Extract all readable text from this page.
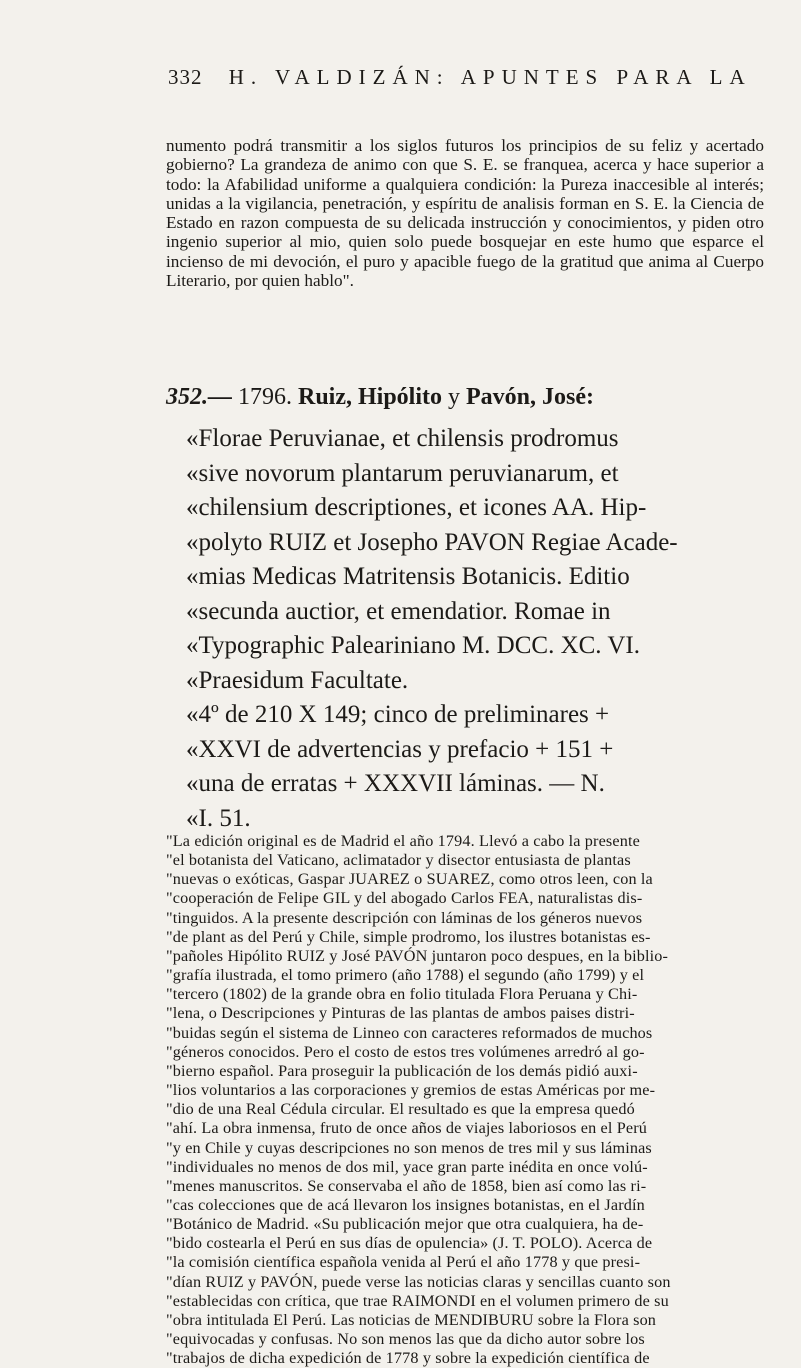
332 H. VALDIZÁN: APUNTES PARA LA

numento podrá transmitir a los siglos futuros los principios de su feliz y acertado gobierno? La grandeza de animo con que S. E. se franquea, acerca y hace superior a todo: la Afabilidad uniforme a qualquiera condición: la Pureza inaccesible al interés; unidas a la vigilancia, penetración, y espíritu de analisis forman en S. E. la Ciencia de Estado en razon compuesta de su delicada instrucción y conocimientos, y piden otro ingenio superior al mio, quien solo puede bosquejar en este humo que esparce el incienso de mi devoción, el puro y apacible fuego de la gratitud que anima al Cuerpo Literario, por quien hablo".

352.— 1796. Ruiz, Hipólito y Pavón, José:
«Florae Peruvianae, et chilensis prodromus
«sive novorum plantarum peruvianarum, et
«chilensium descriptiones, et icones AA. Hip-
«polyto RUIZ et Josepho PAVON Regiae Acade-
«mias Medicas Matritensis Botanicis. Editio
«secunda auctior, et emendatior. Romae in
«Typographic Paleariniano M. DCC. XC. VI.
«Praesidum Facultate.
«4º de 210 X 149; cinco de preliminares +
«XXVI de advertencias y prefacio + 151 +
«una de erratas + XXXVII láminas. — N.
«I. 51.
"La edición original es de Madrid el año 1794. Llevó a cabo la presente
"el botanista del Vaticano, aclimatador y disector entusiasta de plantas
"nuevas o exóticas, Gaspar JUAREZ o SUAREZ, como otros leen, con la
"cooperación de Felipe GIL y del abogado Carlos FEA, naturalistas dis-
"tinguidos. A la presente descripción con láminas de los géneros nuevos
"de plant as del Perú y Chile, simple prodromo, los ilustres botanistas es-
"pañoles Hipólito RUIZ y José PAVÓN juntaron poco despues, en la biblio-
"grafía ilustrada, el tomo primero (año 1788) el segundo (año 1799) y el
"tercero (1802) de la grande obra en folio titulada Flora Peruana y Chi-
"lena, o Descripciones y Pinturas de las plantas de ambos paises distri-
"buidas según el sistema de Linneo con caracteres reformados de muchos
"géneros conocidos. Pero el costo de estos tres volúmenes arredró al go-
"bierno español. Para proseguir la publicación de los demás pidió auxi-
"lios voluntarios a las corporaciones y gremios de estas Américas por me-
"dio de una Real Cédula circular. El resultado es que la empresa quedó
"ahí. La obra inmensa, fruto de once años de viajes laboriosos en el Perú
"y en Chile y cuyas descripciones no son menos de tres mil y sus láminas
"individuales no menos de dos mil, yace gran parte inédita en once volú-
"menes manuscritos. Se conservaba el año de 1858, bien así como las ri-
"cas colecciones que de acá llevaron los insignes botanistas, en el Jardín
"Botánico de Madrid. «Su publicación mejor que otra cualquiera, ha de-
"bido costearla el Perú en sus días de opulencia» (J. T. POLO). Acerca de
"la comisión científica española venida al Perú el año 1778 y que presi-
"dían RUIZ y PAVÓN, puede verse las noticias claras y sencillas cuanto son
"establecidas con crítica, que trae RAIMONDI en el volumen primero de su
"obra intitulada El Perú. Las noticias de MENDIBURU sobre la Flora son
"equivocadas y confusas. No son menos las que da dicho autor sobre los
"trabajos de dicha expedición de 1778 y sobre la expedición científica de
